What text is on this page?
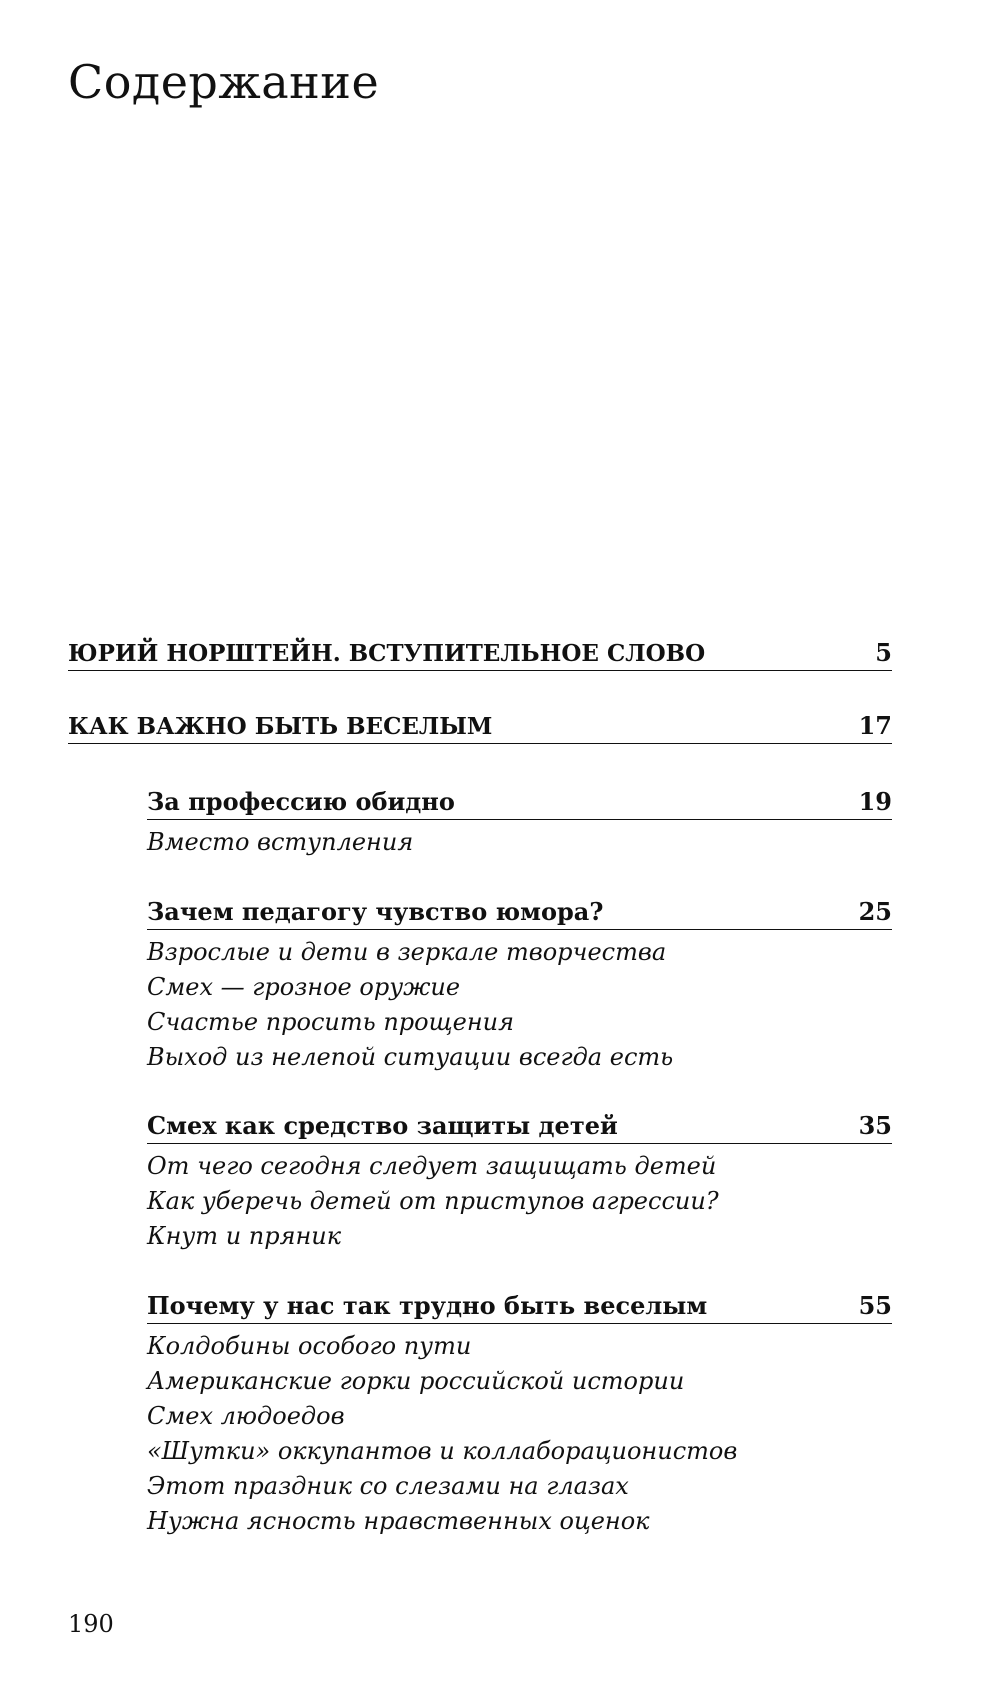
Содержание
ЮРИЙ НОРШТЕЙН. ВСТУПИТЕЛЬНОЕ СЛОВО	5
КАК ВАЖНО БЫТЬ ВЕСЕЛЫМ	17
За профессию обидно	19
Вместо вступления
Зачем педагогу чувство юмора?	25
Взрослые и дети в зеркале творчества
Смех — грозное оружие
Счастье просить прощения
Выход из нелепой ситуации всегда есть
Смех как средство защиты детей	35
От чего сегодня следует защищать детей
Как уберечь детей от приступов агрессии?
Кнут и пряник
Почему у нас так трудно быть веселым	55
Колдобины особого пути
Американские горки российской истории
Смех людоедов
«Шутки» оккупантов и коллаборационистов
Этот праздник со слезами на глазах
Нужна ясность нравственных оценок
190
